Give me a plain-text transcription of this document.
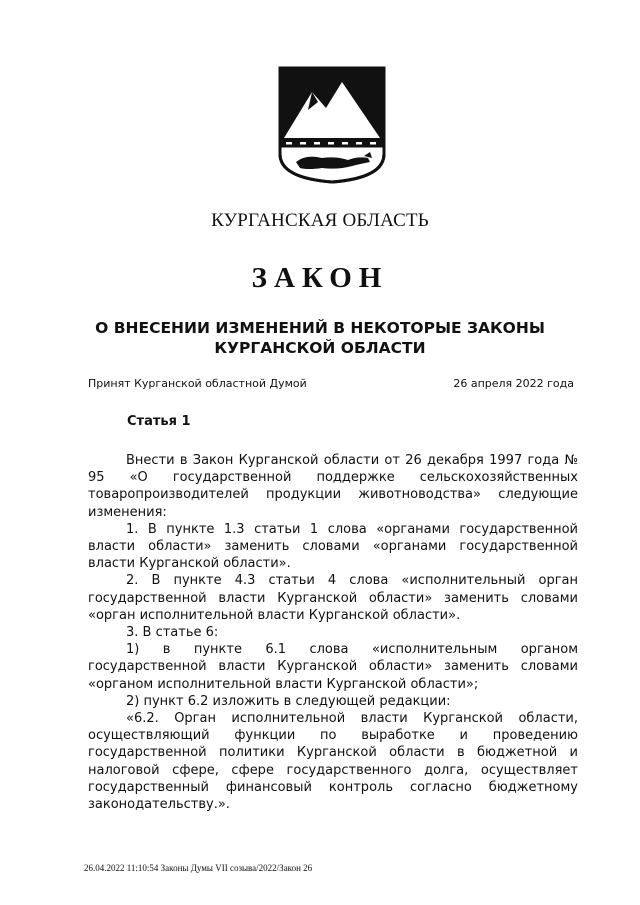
КУРГАНСКАЯ ОБЛАСТЬ
ЗАКОН
О ВНЕСЕНИИ ИЗМЕНЕНИЙ В НЕКОТОРЫЕ ЗАКОНЫ
КУРГАНСКОЙ ОБЛАСТИ
Принят Курганской областной Думой	26 апреля 2022 года
Статья 1

Внести в Закон Курганской области от 26 декабря 1997 года № 95 «О государственной поддержке сельскохозяйственных товаропроизводителей продукции животноводства» следующие изменения:

1. В пункте 1.3 статьи 1 слова «органами государственной власти области» заменить словами «органами государственной власти Курганской области».

2. В пункте 4.3 статьи 4 слова «исполнительный орган государственной власти Курганской области» заменить словами «орган исполнительной власти Курганской области».

3. В статье 6:

1) в пункте 6.1 слова «исполнительным органом государственной власти Курганской области» заменить словами «органом исполнительной власти Курганской области»;

2) пункт 6.2 изложить в следующей редакции:

«6.2. Орган исполнительной власти Курганской области, осуществляющий функции по выработке и проведению государственной политики Курганской области в бюджетной и налоговой сфере, сфере государственного долга, осуществляет государственный финансовый контроль согласно бюджетному законодательству.».

26.04.2022 11:10:54 Законы Думы VII созыва/2022/Закон 26
